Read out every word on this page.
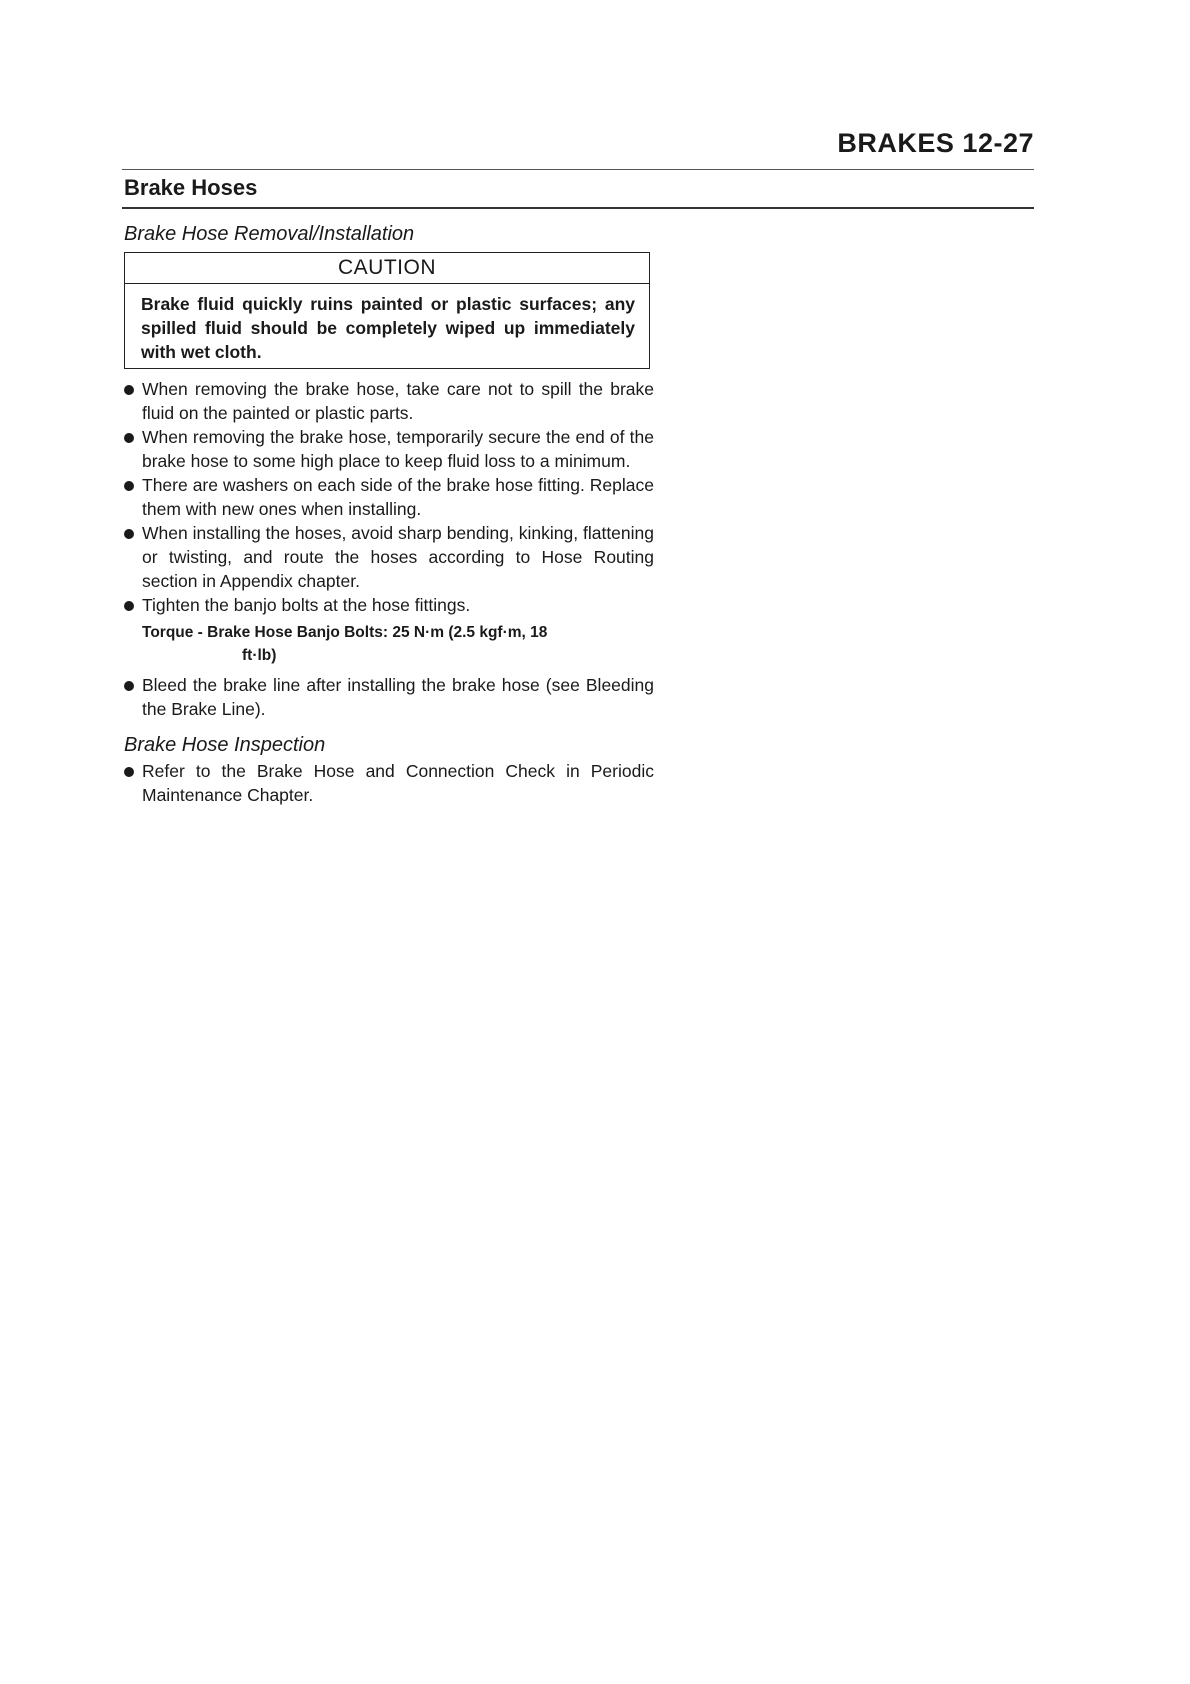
BRAKES 12-27
Brake Hoses

Brake Hose Removal/Installation

CAUTION
Brake fluid quickly ruins painted or plastic surfaces; any spilled fluid should be completely wiped up immediately with wet cloth.
When removing the brake hose, take care not to spill the brake fluid on the painted or plastic parts.
When removing the brake hose, temporarily secure the end of the brake hose to some high place to keep fluid loss to a minimum.
There are washers on each side of the brake hose fitting. Replace them with new ones when installing.
When installing the hoses, avoid sharp bending, kinking, flattening or twisting, and route the hoses according to Hose Routing section in Appendix chapter.
Tighten the banjo bolts at the hose fittings.
Torque - Brake Hose Banjo Bolts: 25 N·m (2.5 kgf·m, 18
ft·lb)
Bleed the brake line after installing the brake hose (see Bleeding the Brake Line).

Brake Hose Inspection

Refer to the Brake Hose and Connection Check in Periodic Maintenance Chapter.
